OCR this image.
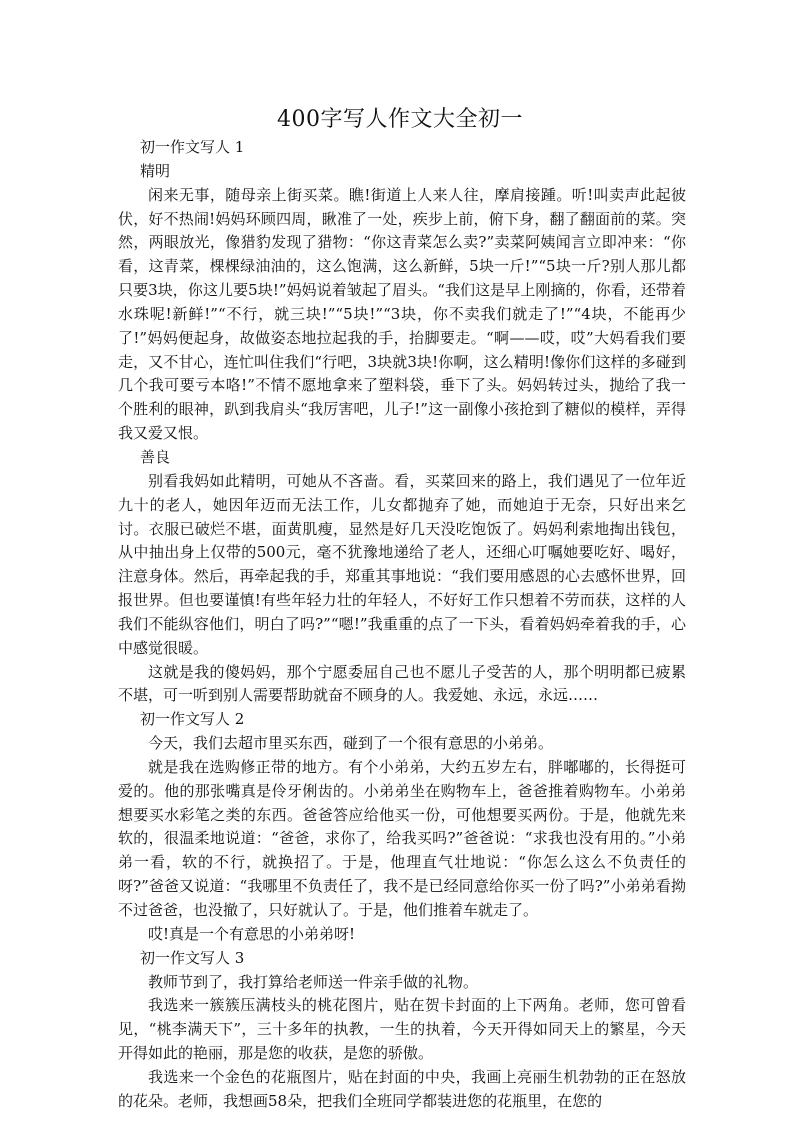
400字写人作文大全初一

初一作文写人 1

精明

闲来无事，随母亲上街买菜。瞧!街道上人来人往，摩肩接踵。听!叫卖声此起彼伏，好不热闹!妈妈环顾四周，瞅准了一处，疾步上前，俯下身，翻了翻面前的菜。突然，两眼放光，像猎豹发现了猎物：“你这青菜怎么卖?”卖菜阿姨闻言立即冲来：“你看，这青菜，棵棵绿油油的，这么饱满，这么新鲜，5块一斤!”“5块一斤?别人那儿都只要3块，你这儿要5块!”妈妈说着皱起了眉头。“我们这是早上刚摘的，你看，还带着水珠呢!新鲜!”“不行，就三块!”“5块!”“3块，你不卖我们就走了!”“4块，不能再少了!”妈妈便起身，故做姿态地拉起我的手，抬脚要走。“啊——哎，哎”大妈看我们要走，又不甘心，连忙叫住我们“行吧，3块就3块!你啊，这么精明!像你们这样的多碰到几个我可要亏本咯!”不情不愿地拿来了塑料袋，垂下了头。妈妈转过头，抛给了我一个胜利的眼神，趴到我肩头“我厉害吧，儿子!”这一副像小孩抢到了糖似的模样，弄得我又爱又恨。

善良

别看我妈如此精明，可她从不吝啬。看，买菜回来的路上，我们遇见了一位年近九十的老人，她因年迈而无法工作，儿女都抛弃了她，而她迫于无奈，只好出来乞讨。衣服已破烂不堪，面黄肌瘦，显然是好几天没吃饱饭了。妈妈利索地掏出钱包，从中抽出身上仅带的500元，毫不犹豫地递给了老人，还细心叮嘱她要吃好、喝好，注意身体。然后，再牵起我的手，郑重其事地说：“我们要用感恩的心去感怀世界，回报世界。但也要谨慎!有些年轻力壮的年轻人，不好好工作只想着不劳而获，这样的人我们不能纵容他们，明白了吗?”“嗯!”我重重的点了一下头，看着妈妈牵着我的手，心中感觉很暖。

这就是我的傻妈妈，那个宁愿委屈自己也不愿儿子受苦的人，那个明明都已疲累不堪，可一听到别人需要帮助就奋不顾身的人。我爱她、永远，永远……

初一作文写人 2

今天，我们去超市里买东西，碰到了一个很有意思的小弟弟。

就是我在选购修正带的地方。有个小弟弟，大约五岁左右，胖嘟嘟的，长得挺可爱的。他的那张嘴真是伶牙俐齿的。小弟弟坐在购物车上，爸爸推着购物车。小弟弟想要买水彩笔之类的东西。爸爸答应给他买一份，可他想要买两份。于是，他就先来软的，很温柔地说道：“爸爸，求你了，给我买吗?”爸爸说：“求我也没有用的。”小弟弟一看，软的不行，就换招了。于是，他理直气壮地说：“你怎么这么不负责任的呀?”爸爸又说道：“我哪里不负责任了，我不是已经同意给你买一份了吗?”小弟弟看拗不过爸爸，也没撤了，只好就认了。于是，他们推着车就走了。

哎!真是一个有意思的小弟弟呀!

初一作文写人 3

教师节到了，我打算给老师送一件亲手做的礼物。

我选来一簇簇压满枝头的桃花图片，贴在贺卡封面的上下两角。老师，您可曾看见，“桃李满天下”，三十多年的执教，一生的执着，今天开得如同天上的繁星，今天开得如此的艳丽，那是您的收获，是您的骄傲。

我选来一个金色的花瓶图片，贴在封面的中央，我画上亮丽生机勃勃的正在怒放的花朵。老师，我想画58朵，把我们全班同学都装进您的花瓶里，在您的
